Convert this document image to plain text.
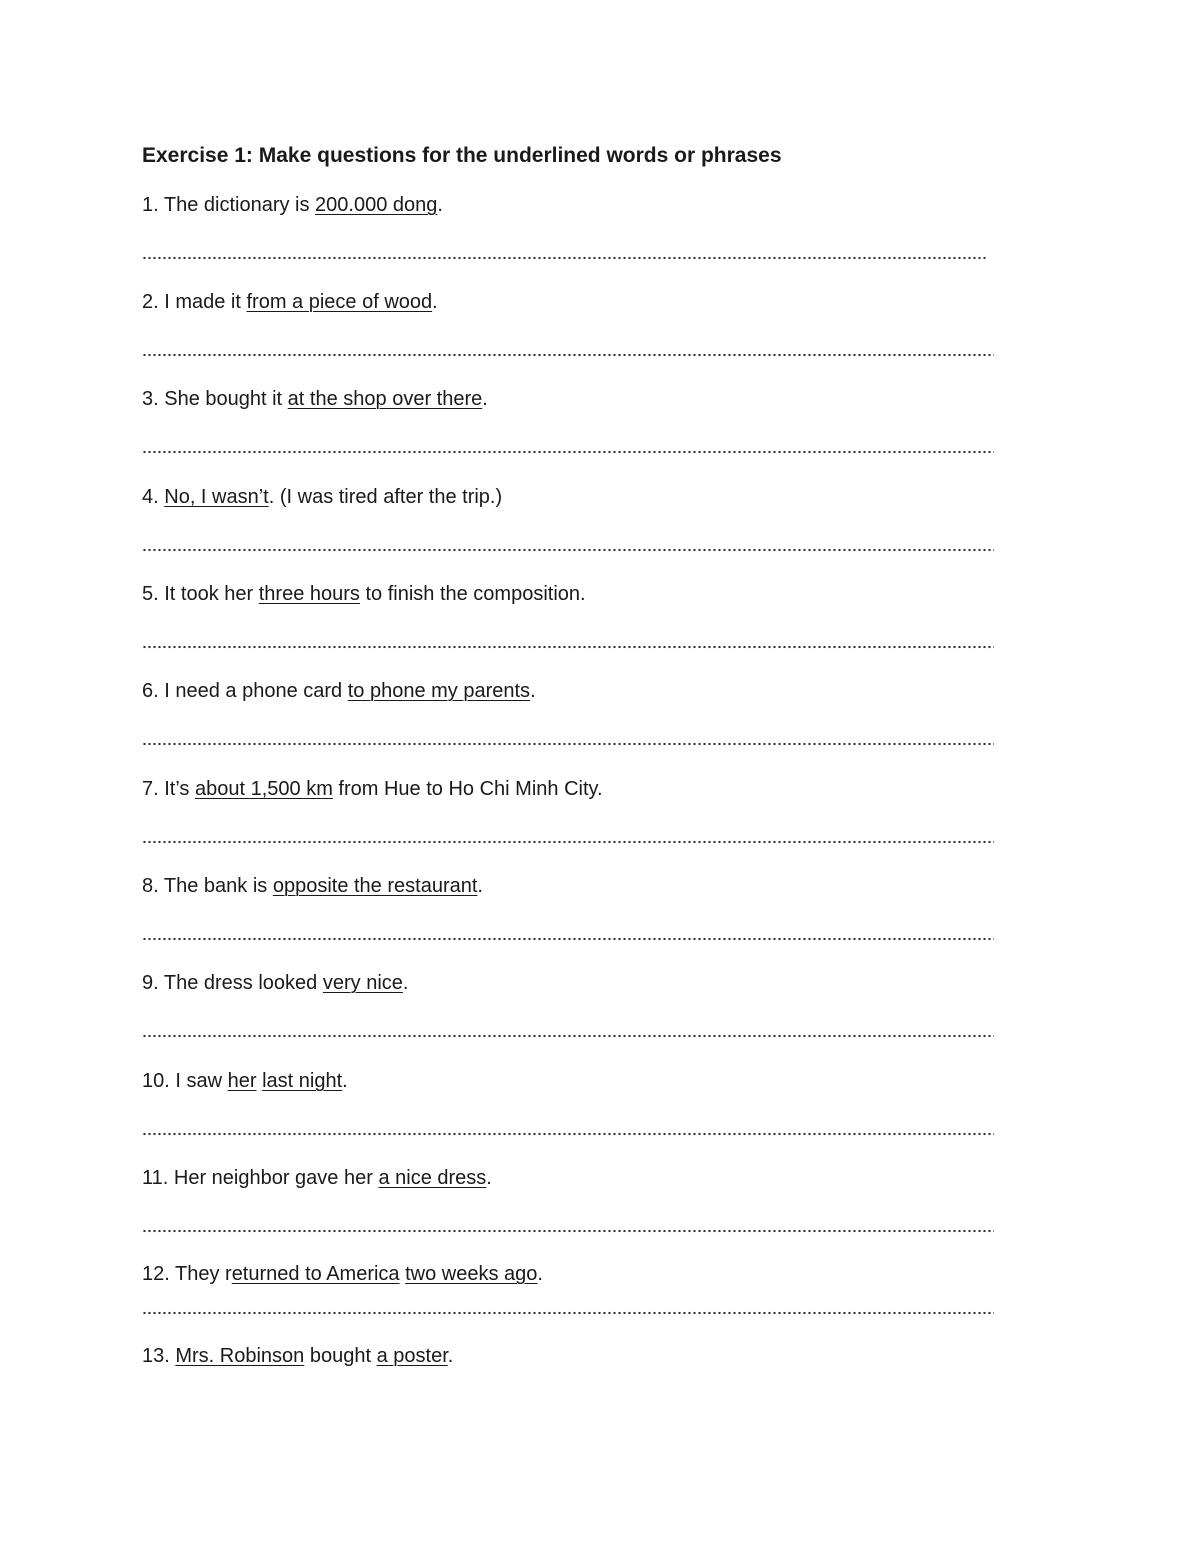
Exercise 1: Make questions for the underlined words or phrases
1. The dictionary is 200.000 dong.
2. I made it from a piece of wood.
3. She bought it at the shop over there.
4. No, I wasn’t. (I was tired after the trip.)
5. It took her three hours to finish the composition.
6. I need a phone card to phone my parents.
7. It’s about 1,500 km from Hue to Ho Chi Minh City.
8. The bank is opposite the restaurant.
9. The dress looked very nice.
10. I saw her last night.
11. Her neighbor gave her a nice dress.
12. They returned to America two weeks ago.
13. Mrs. Robinson bought a poster.
